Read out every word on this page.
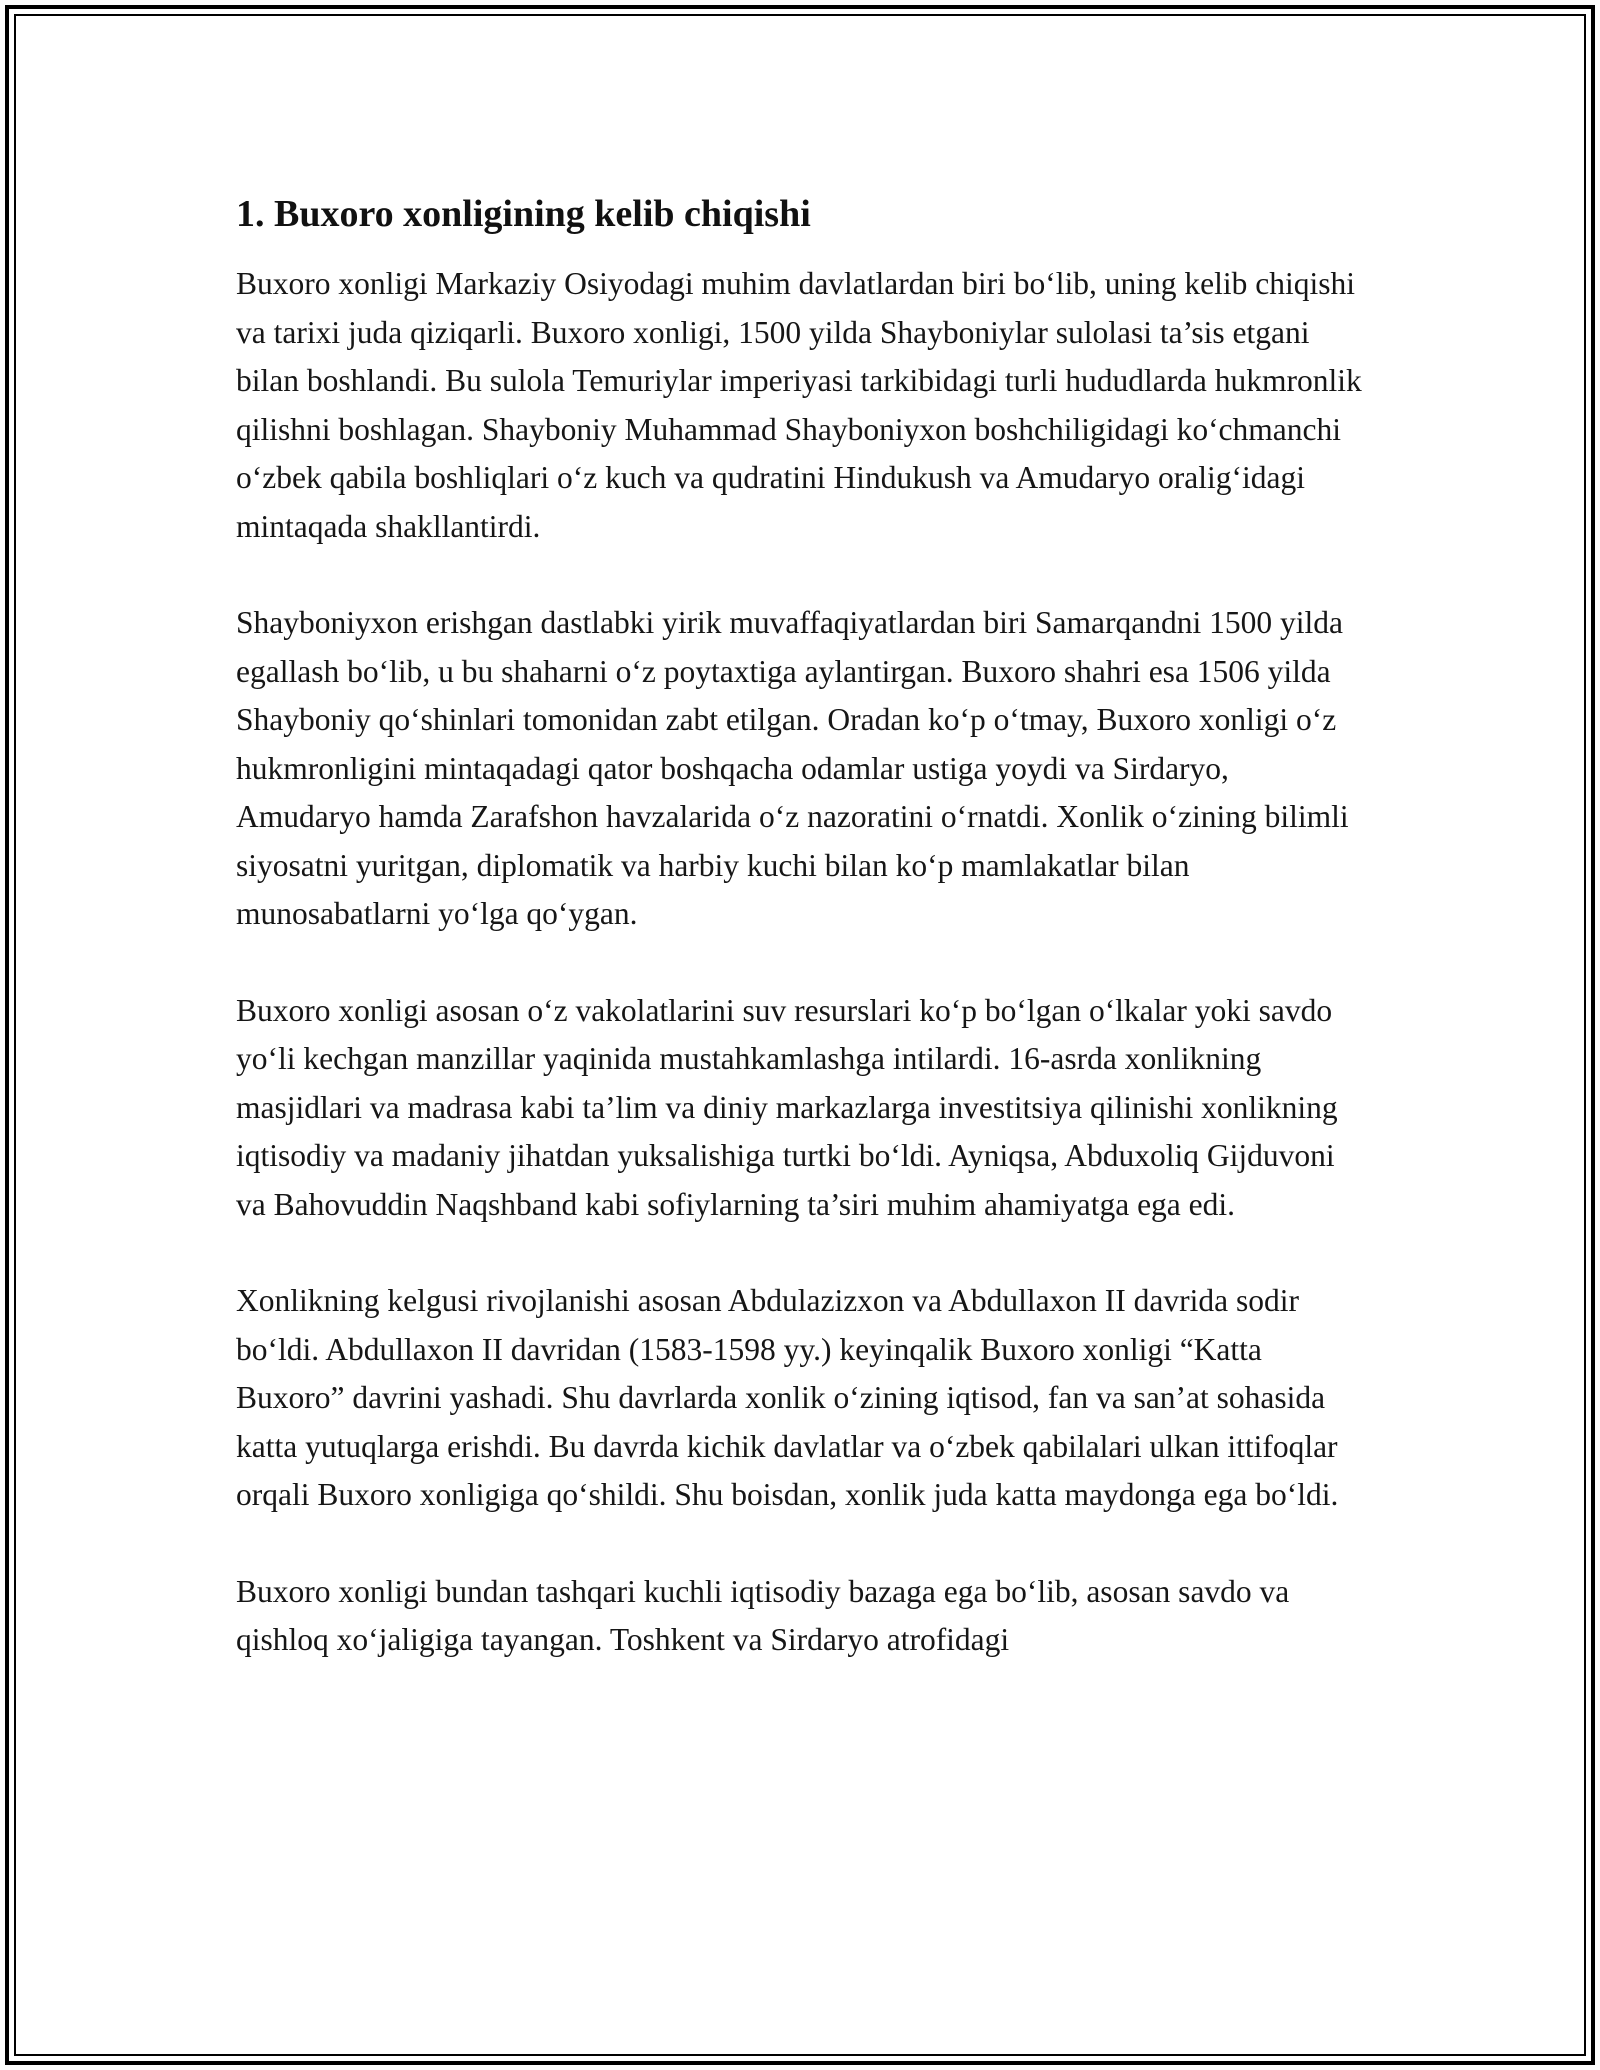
1. Buxoro xonligining kelib chiqishi

Buxoro xonligi Markaziy Osiyodagi muhim davlatlardan biri bo‘lib, uning kelib chiqishi va tarixi juda qiziqarli. Buxoro xonligi, 1500 yilda Shayboniylar sulolasi ta’sis etgani bilan boshlandi. Bu sulola Temuriylar imperiyasi tarkibidagi turli hududlarda hukmronlik qilishni boshlagan. Shayboniy Muhammad Shayboniyxon boshchiligidagi ko‘chmanchi o‘zbek qabila boshliqlari o‘z kuch va qudratini Hindukush va Amudaryo oralig‘idagi mintaqada shakllantirdi.

Shayboniyxon erishgan dastlabki yirik muvaffaqiyatlardan biri Samarqandni 1500 yilda egallash bo‘lib, u bu shaharni o‘z poytaxtiga aylantirgan. Buxoro shahri esa 1506 yilda Shayboniy qo‘shinlari tomonidan zabt etilgan. Oradan ko‘p o‘tmay, Buxoro xonligi o‘z hukmronligini mintaqadagi qator boshqacha odamlar ustiga yoydi va Sirdaryo, Amudaryo hamda Zarafshon havzalarida o‘z nazoratini o‘rnatdi. Xonlik o‘zining bilimli siyosatni yuritgan, diplomatik va harbiy kuchi bilan ko‘p mamlakatlar bilan munosabatlarni yo‘lga qo‘ygan.

Buxoro xonligi asosan o‘z vakolatlarini suv resurslari ko‘p bo‘lgan o‘lkalar yoki savdo yo‘li kechgan manzillar yaqinida mustahkamlashga intilardi. 16-asrda xonlikning masjidlari va madrasa kabi ta’lim va diniy markazlarga investitsiya qilinishi xonlikning iqtisodiy va madaniy jihatdan yuksalishiga turtki bo‘ldi. Ayniqsa, Abduxoliq Gijduvoni va Bahovuddin Naqshband kabi sofiylarning ta’siri muhim ahamiyatga ega edi.

Xonlikning kelgusi rivojlanishi asosan Abdulazizxon va Abdullaxon II davrida sodir bo‘ldi. Abdullaxon II davridan (1583-1598 yy.) keyinqalik Buxoro xonligi “Katta Buxoro” davrini yashadi. Shu davrlarda xonlik o‘zining iqtisod, fan va san’at sohasida katta yutuqlarga erishdi. Bu davrda kichik davlatlar va o‘zbek qabilalari ulkan ittifoqlar orqali Buxoro xonligiga qo‘shildi. Shu boisdan, xonlik juda katta maydonga ega bo‘ldi.

Buxoro xonligi bundan tashqari kuchli iqtisodiy bazaga ega bo‘lib, asosan savdo va qishloq xo‘jaligiga tayangan. Toshkent va Sirdaryo atrofidagi
